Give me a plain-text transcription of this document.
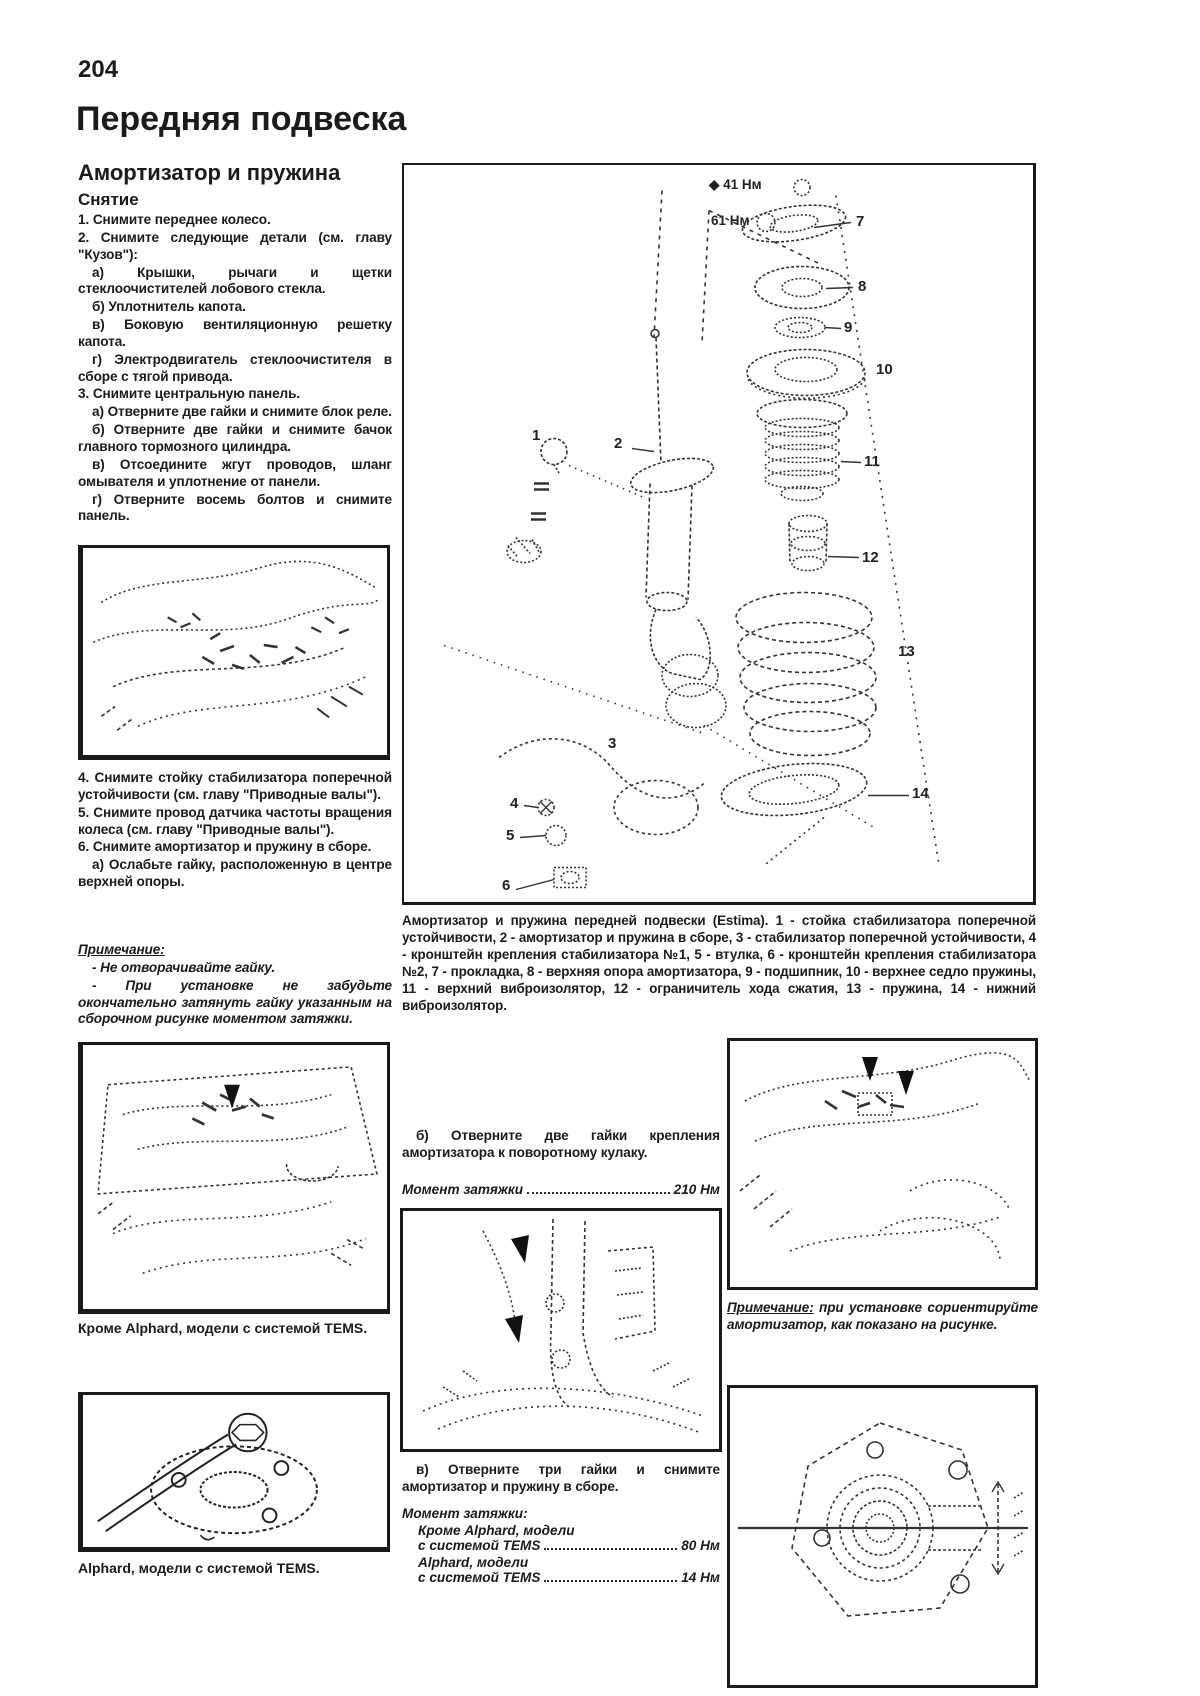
204
Передняя подвеска
Амортизатор и пружина
Снятие

1. Снимите переднее колесо.

2. Снимите следующие детали (см. главу "Кузов"):

а) Крышки, рычаги и щетки стеклоочистителей лобового стекла.

б) Уплотнитель капота.

в) Боковую вентиляционную решетку капота.

г) Электродвигатель стеклоочистителя в сборе с тягой привода.

3. Снимите центральную панель.

а) Отверните две гайки и снимите блок реле.

б) Отверните две гайки и снимите бачок главного тормозного цилиндра.

в) Отсоедините жгут проводов, шланг омывателя и уплотнение от панели.

г) Отверните восемь болтов и снимите панель.

4. Снимите стойку стабилизатора поперечной устойчивости (см. главу "Приводные валы").

5. Снимите провод датчика частоты вращения колеса (см. главу "Приводные валы").

6. Снимите амортизатор и пружину в сборе.

а) Ослабьте гайку, расположенную в центре верхней опоры.

Примечание:

- Не отворачивайте гайку.

- При установке не забудьте окончательно затянуть гайку указанным на сборочном рисунке моментом затяжки.

Кроме Alphard, модели с системой TEMS.
Alphard, модели с системой TEMS.
◆ 41 Нм
61 Нм
1	2
3
4
5
6
7
8
9
10
11
12
13
14
Амортизатор и пружина передней подвески (Estima). 1 - стойка стабилизатора поперечной устойчивости, 2 - амортизатор и пружина в сборе, 3 - стабилизатор поперечной устойчивости, 4 - кронштейн крепления стабилизатора №1, 5 - втулка, 6 - кронштейн крепления стабилизатора №2, 7 - прокладка, 8 - верхняя опора амортизатора, 9 - подшипник, 10 - верхнее седло пружины, 11 - верхний виброизолятор, 12 - ограничитель хода сжатия, 13 - пружина, 14 - нижний виброизолятор.

б) Отверните две гайки крепления амортизатора к поворотному кулаку.

Момент затяжки	210 Нм

в) Отверните три гайки и снимите амортизатор и пружину в сборе.

Момент затяжки:
Кроме Alphard, модели
с системой TEMS	80 Нм
Alphard, модели
с системой TEMS	14 Нм

Примечание: при установке сориентируйте амортизатор, как показано на рисунке.
